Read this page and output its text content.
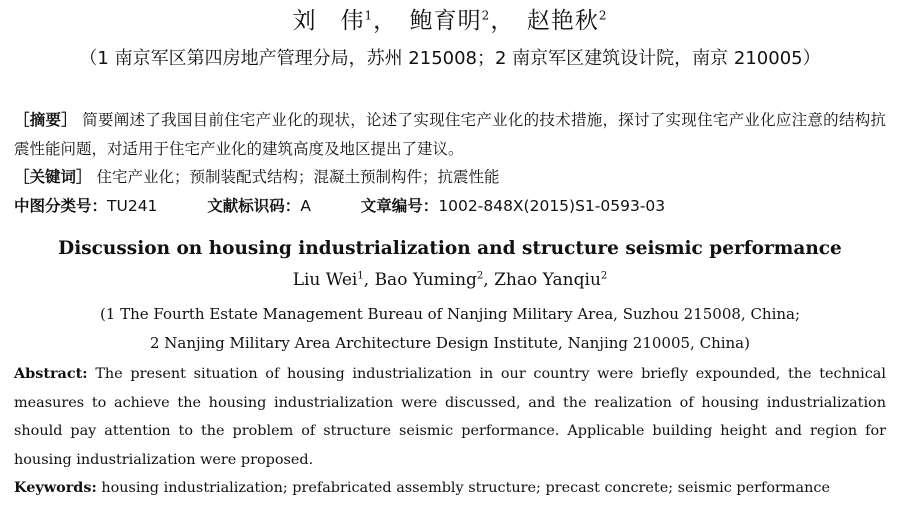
刘　伟$^1$，　鲍育明$^2$，　赵艳秋$^2$
（1 南京军区第四房地产管理分局，苏州 215008；2 南京军区建筑设计院，南京 210005）
［摘要］ 简要阐述了我国目前住宅产业化的现状，论述了实现住宅产业化的技术措施，探讨了实现住宅产业化应注意的结构抗震性能问题，对适用于住宅产业化的建筑高度及地区提出了建议。
［关键词］ 住宅产业化；预制装配式结构；混凝土预制构件；抗震性能
中图分类号：TU241	文献标识码：A	文章编号：1002-848X(2015)S1-0593-03
Discussion on housing industrialization and structure seismic performance
Liu Wei$^1$, Bao Yuming$^2$, Zhao Yanqiu$^2$
(1 The Fourth Estate Management Bureau of Nanjing Military Area, Suzhou 215008, China;
2 Nanjing Military Area Architecture Design Institute, Nanjing 210005, China)
Abstract: The present situation of housing industrialization in our country were briefly expounded, the technical measures to achieve the housing industrialization were discussed, and the realization of housing industrialization should pay attention to the problem of structure seismic performance. Applicable building height and region for housing industrialization were proposed.
Keywords: housing industrialization; prefabricated assembly structure; precast concrete; seismic performance
